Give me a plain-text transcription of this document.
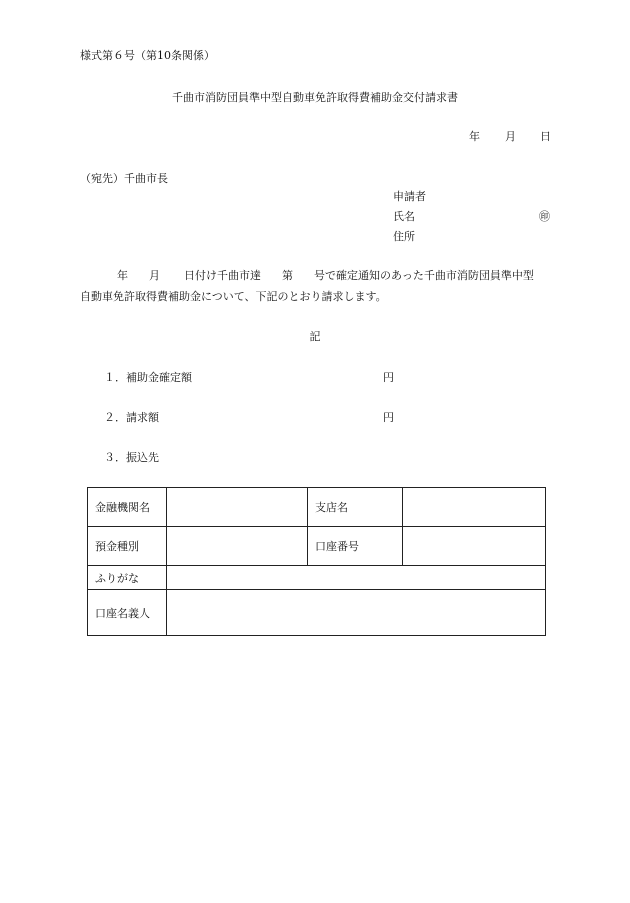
様式第６号（第10条関係）
千曲市消防団員準中型自動車免許取得費補助金交付請求書
年 月 日
（宛先）千曲市長
申請者
氏名	㊞
住所
年 月 日付け千曲市達 第 号で確定通知のあった千曲市消防団員準中型
自動車免許取得費補助金について、下記のとおり請求します。
記
１．補助金確定額	円
２．請求額	円
３．振込先
金融機関名		支店名	
預金種別		口座番号	
ふりがな			
口座名義人			
